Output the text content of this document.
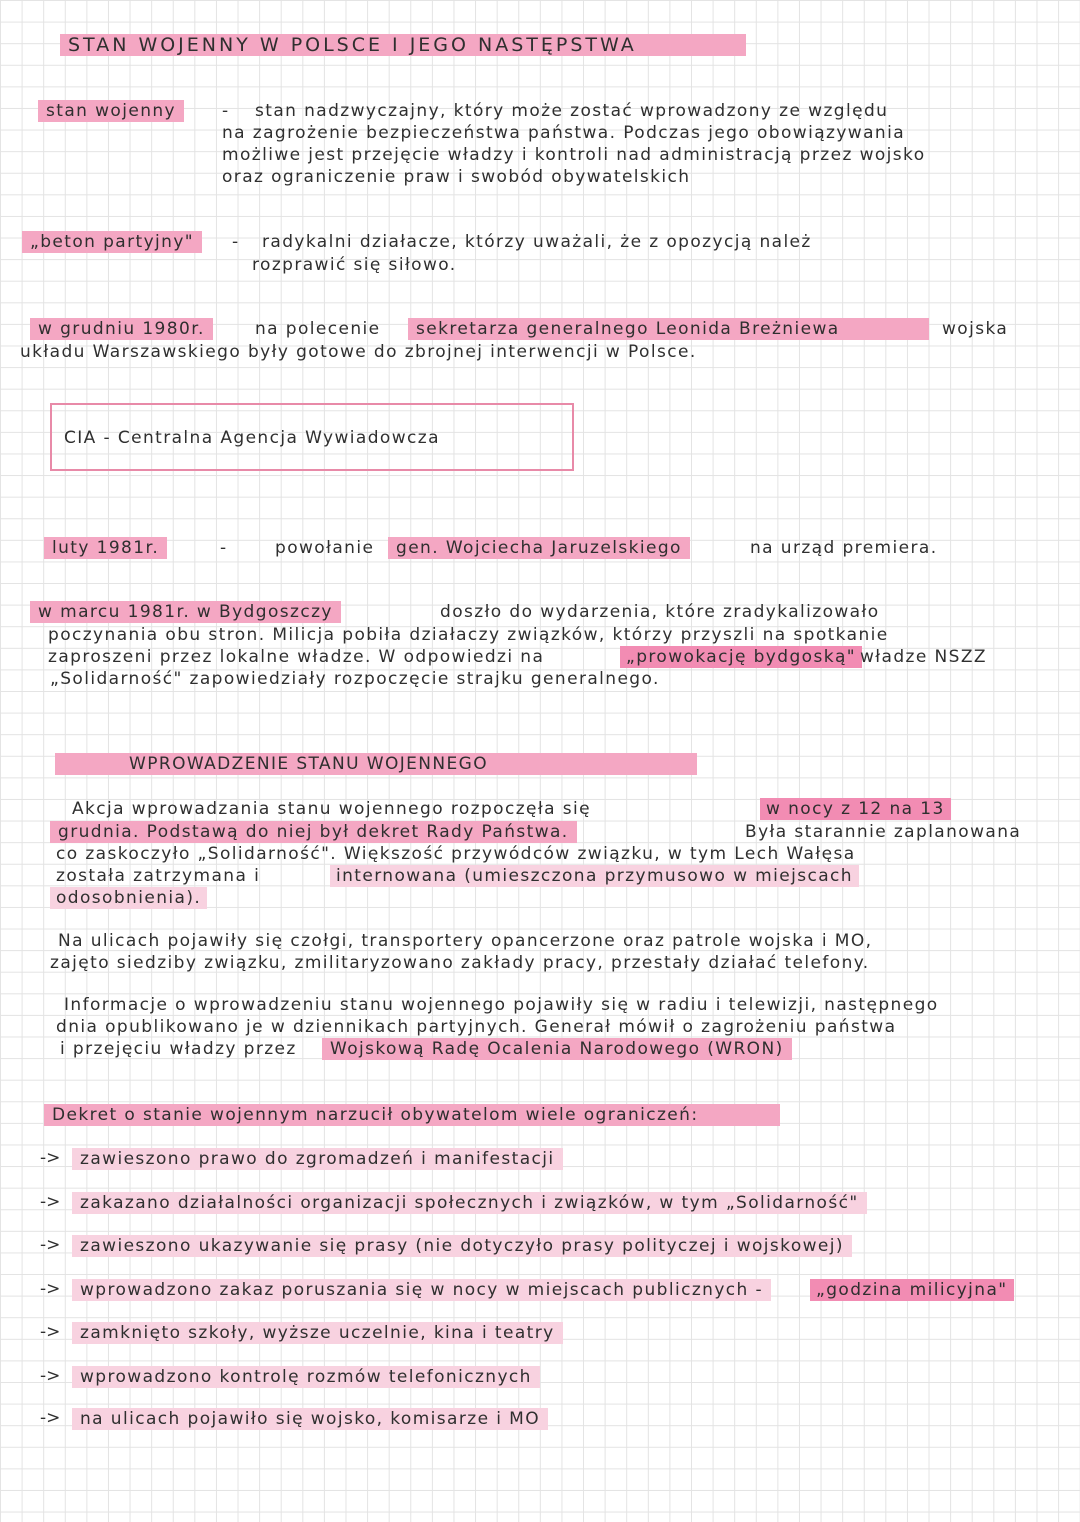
STAN WOJENNY W POLSCE I JEGO NASTĘPSTWA
stan wojenny	- stan nadzwyczajny, który może zostać wprowadzony ze względu
na zagrożenie bezpieczeństwa państwa. Podczas jego obowiązywania
możliwe jest przejęcie władzy i kontroli nad administracją przez wojsko
oraz ograniczenie praw i swobód obywatelskich
„beton partyjny"	- radykalni działacze, którzy uważali, że z opozycją należ
rozprawić się siłowo.
w grudniu 1980r.	na polecenie	sekretarza generalnego Leonida Breżniewa	wojska
układu Warszawskiego były gotowe do zbrojnej interwencji w Polsce.
CIA - Centralna Agencja Wywiadowcza
luty 1981r.	-	powołanie	gen. Wojciecha Jaruzelskiego	na urząd premiera.
w marcu 1981r. w Bydgoszczy	doszło do wydarzenia, które zradykalizowało
poczynania obu stron. Milicja pobiła działaczy związków, którzy przyszli na spotkanie
zaproszeni przez lokalne władze. W odpowiedzi na	„prowokację bydgoską" władze NSZZ
„Solidarność" zapowiedziały rozpoczęcie strajku generalnego.
WPROWADZENIE STANU WOJENNEGO
Akcja wprowadzania stanu wojennego rozpoczęła się	w nocy z 12 na 13
grudnia. Podstawą do niej był dekret Rady Państwa.	Była starannie zaplanowana
co zaskoczyło „Solidarność". Większość przywódców związku, w tym Lech Wałęsa
została zatrzymana i	internowana (umieszczona przymusowo w miejscach
odosobnienia).
Na ulicach pojawiły się czołgi, transportery opancerzone oraz patrole wojska i MO,
zajęto siedziby związku, zmilitaryzowano zakłady pracy, przestały działać telefony.
Informacje o wprowadzeniu stanu wojennego pojawiły się w radiu i telewizji, następnego
dnia opublikowano je w dziennikach partyjnych. Generał mówił o zagrożeniu państwa
i przejęciu władzy przez	Wojskową Radę Ocalenia Narodowego (WRON)
Dekret o stanie wojennym narzucił obywatelom wiele ograniczeń:
->	zawieszono prawo do zgromadzeń i manifestacji
->	zakazano działalności organizacji społecznych i związków, w tym „Solidarność"
->	zawieszono ukazywanie się prasy (nie dotyczyło prasy polityczej i wojskowej)
->	wprowadzono zakaz poruszania się w nocy w miejscach publicznych -	„godzina milicyjna"
->	zamknięto szkoły, wyższe uczelnie, kina i teatry
->	wprowadzono kontrolę rozmów telefonicznych
->	na ulicach pojawiło się wojsko, komisarze i MO
